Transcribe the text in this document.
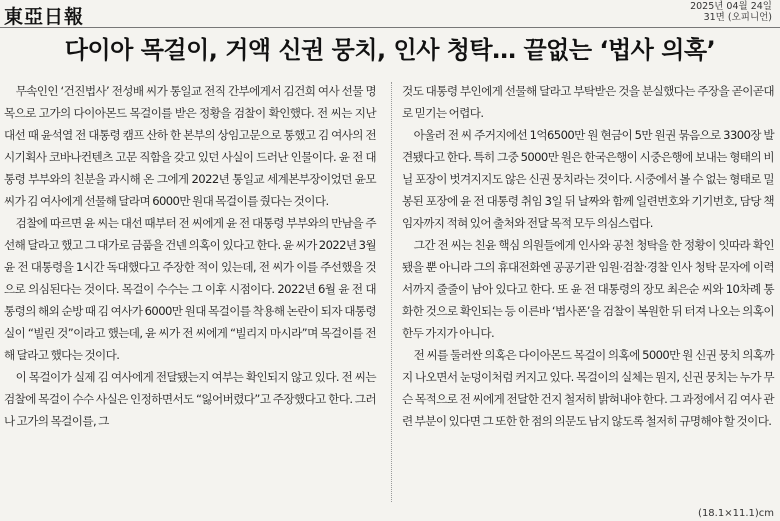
東亞日報	2025년 04월 24일
31면 (오피니언)
다이아 목걸이, 거액 신권 뭉치, 인사 청탁… 끝없는 ‘법사 의혹’

무속인인 ‘건진법사’ 전성배 씨가 통일교 전직 간부에게서 김건희 여사 선물 명목으로 고가의 다이아몬드 목걸이를 받은 정황을 검찰이 확인했다. 전 씨는 지난 대선 때 윤석열 전 대통령 캠프 산하 한 본부의 상임고문으로 통했고 김 여사의 전시기획사 코바나컨텐츠 고문 직함을 갖고 있던 사실이 드러난 인물이다. 윤 전 대통령 부부와의 친분을 과시해 온 그에게 2022년 통일교 세계본부장이었던 윤모 씨가 김 여사에게 선물해 달라며 6000만 원대 목걸이를 줬다는 것이다.

검찰에 따르면 윤 씨는 대선 때부터 전 씨에게 윤 전 대통령 부부와의 만남을 주선해 달라고 했고 그 대가로 금품을 건넨 의혹이 있다고 한다. 윤 씨가 2022년 3월 윤 전 대통령을 1시간 독대했다고 주장한 적이 있는데, 전 씨가 이를 주선했을 것으로 의심된다는 것이다. 목걸이 수수는 그 이후 시점이다. 2022년 6월 윤 전 대통령의 해외 순방 때 김 여사가 6000만 원대 목걸이를 착용해 논란이 되자 대통령실이 “빌린 것”이라고 했는데, 윤 씨가 전 씨에게 “빌리지 마시라”며 목걸이를 전해 달라고 했다는 것이다.

이 목걸이가 실제 김 여사에게 전달됐는지 여부는 확인되지 않고 있다. 전 씨는 검찰에 목걸이 수수 사실은 인정하면서도 “잃어버렸다”고 주장했다고 한다. 그러나 고가의 목걸이를, 그

것도 대통령 부인에게 선물해 달라고 부탁받은 것을 분실했다는 주장을 곧이곧대로 믿기는 어렵다.

아울러 전 씨 주거지에선 1억6500만 원 현금이 5만 원권 묶음으로 3300장 발견됐다고 한다. 특히 그중 5000만 원은 한국은행이 시중은행에 보내는 형태의 비닐 포장이 벗겨지지도 않은 신권 뭉치라는 것이다. 시중에서 볼 수 없는 형태로 밀봉된 포장에 윤 전 대통령 취임 3일 뒤 날짜와 함께 일련번호와 기기번호, 담당 책임자까지 적혀 있어 출처와 전달 목적 모두 의심스럽다.

그간 전 씨는 친윤 핵심 의원들에게 인사와 공천 청탁을 한 정황이 잇따라 확인됐을 뿐 아니라 그의 휴대전화엔 공공기관 임원·검찰·경찰 인사 청탁 문자에 이력서까지 줄줄이 남아 있다고 한다. 또 윤 전 대통령의 장모 최은순 씨와 10차례 통화한 것으로 확인되는 등 이른바 ‘법사폰’을 검찰이 복원한 뒤 터져 나오는 의혹이 한두 가지가 아니다.

전 씨를 둘러싼 의혹은 다이아몬드 목걸이 의혹에 5000만 원 신권 뭉치 의혹까지 나오면서 눈덩이처럼 커지고 있다. 목걸이의 실체는 뭔지, 신권 뭉치는 누가 무슨 목적으로 전 씨에게 전달한 건지 철저히 밝혀내야 한다. 그 과정에서 김 여사 관련 부분이 있다면 그 또한 한 점의 의문도 남지 않도록 철저히 규명해야 할 것이다.

(18.1×11.1)cm
